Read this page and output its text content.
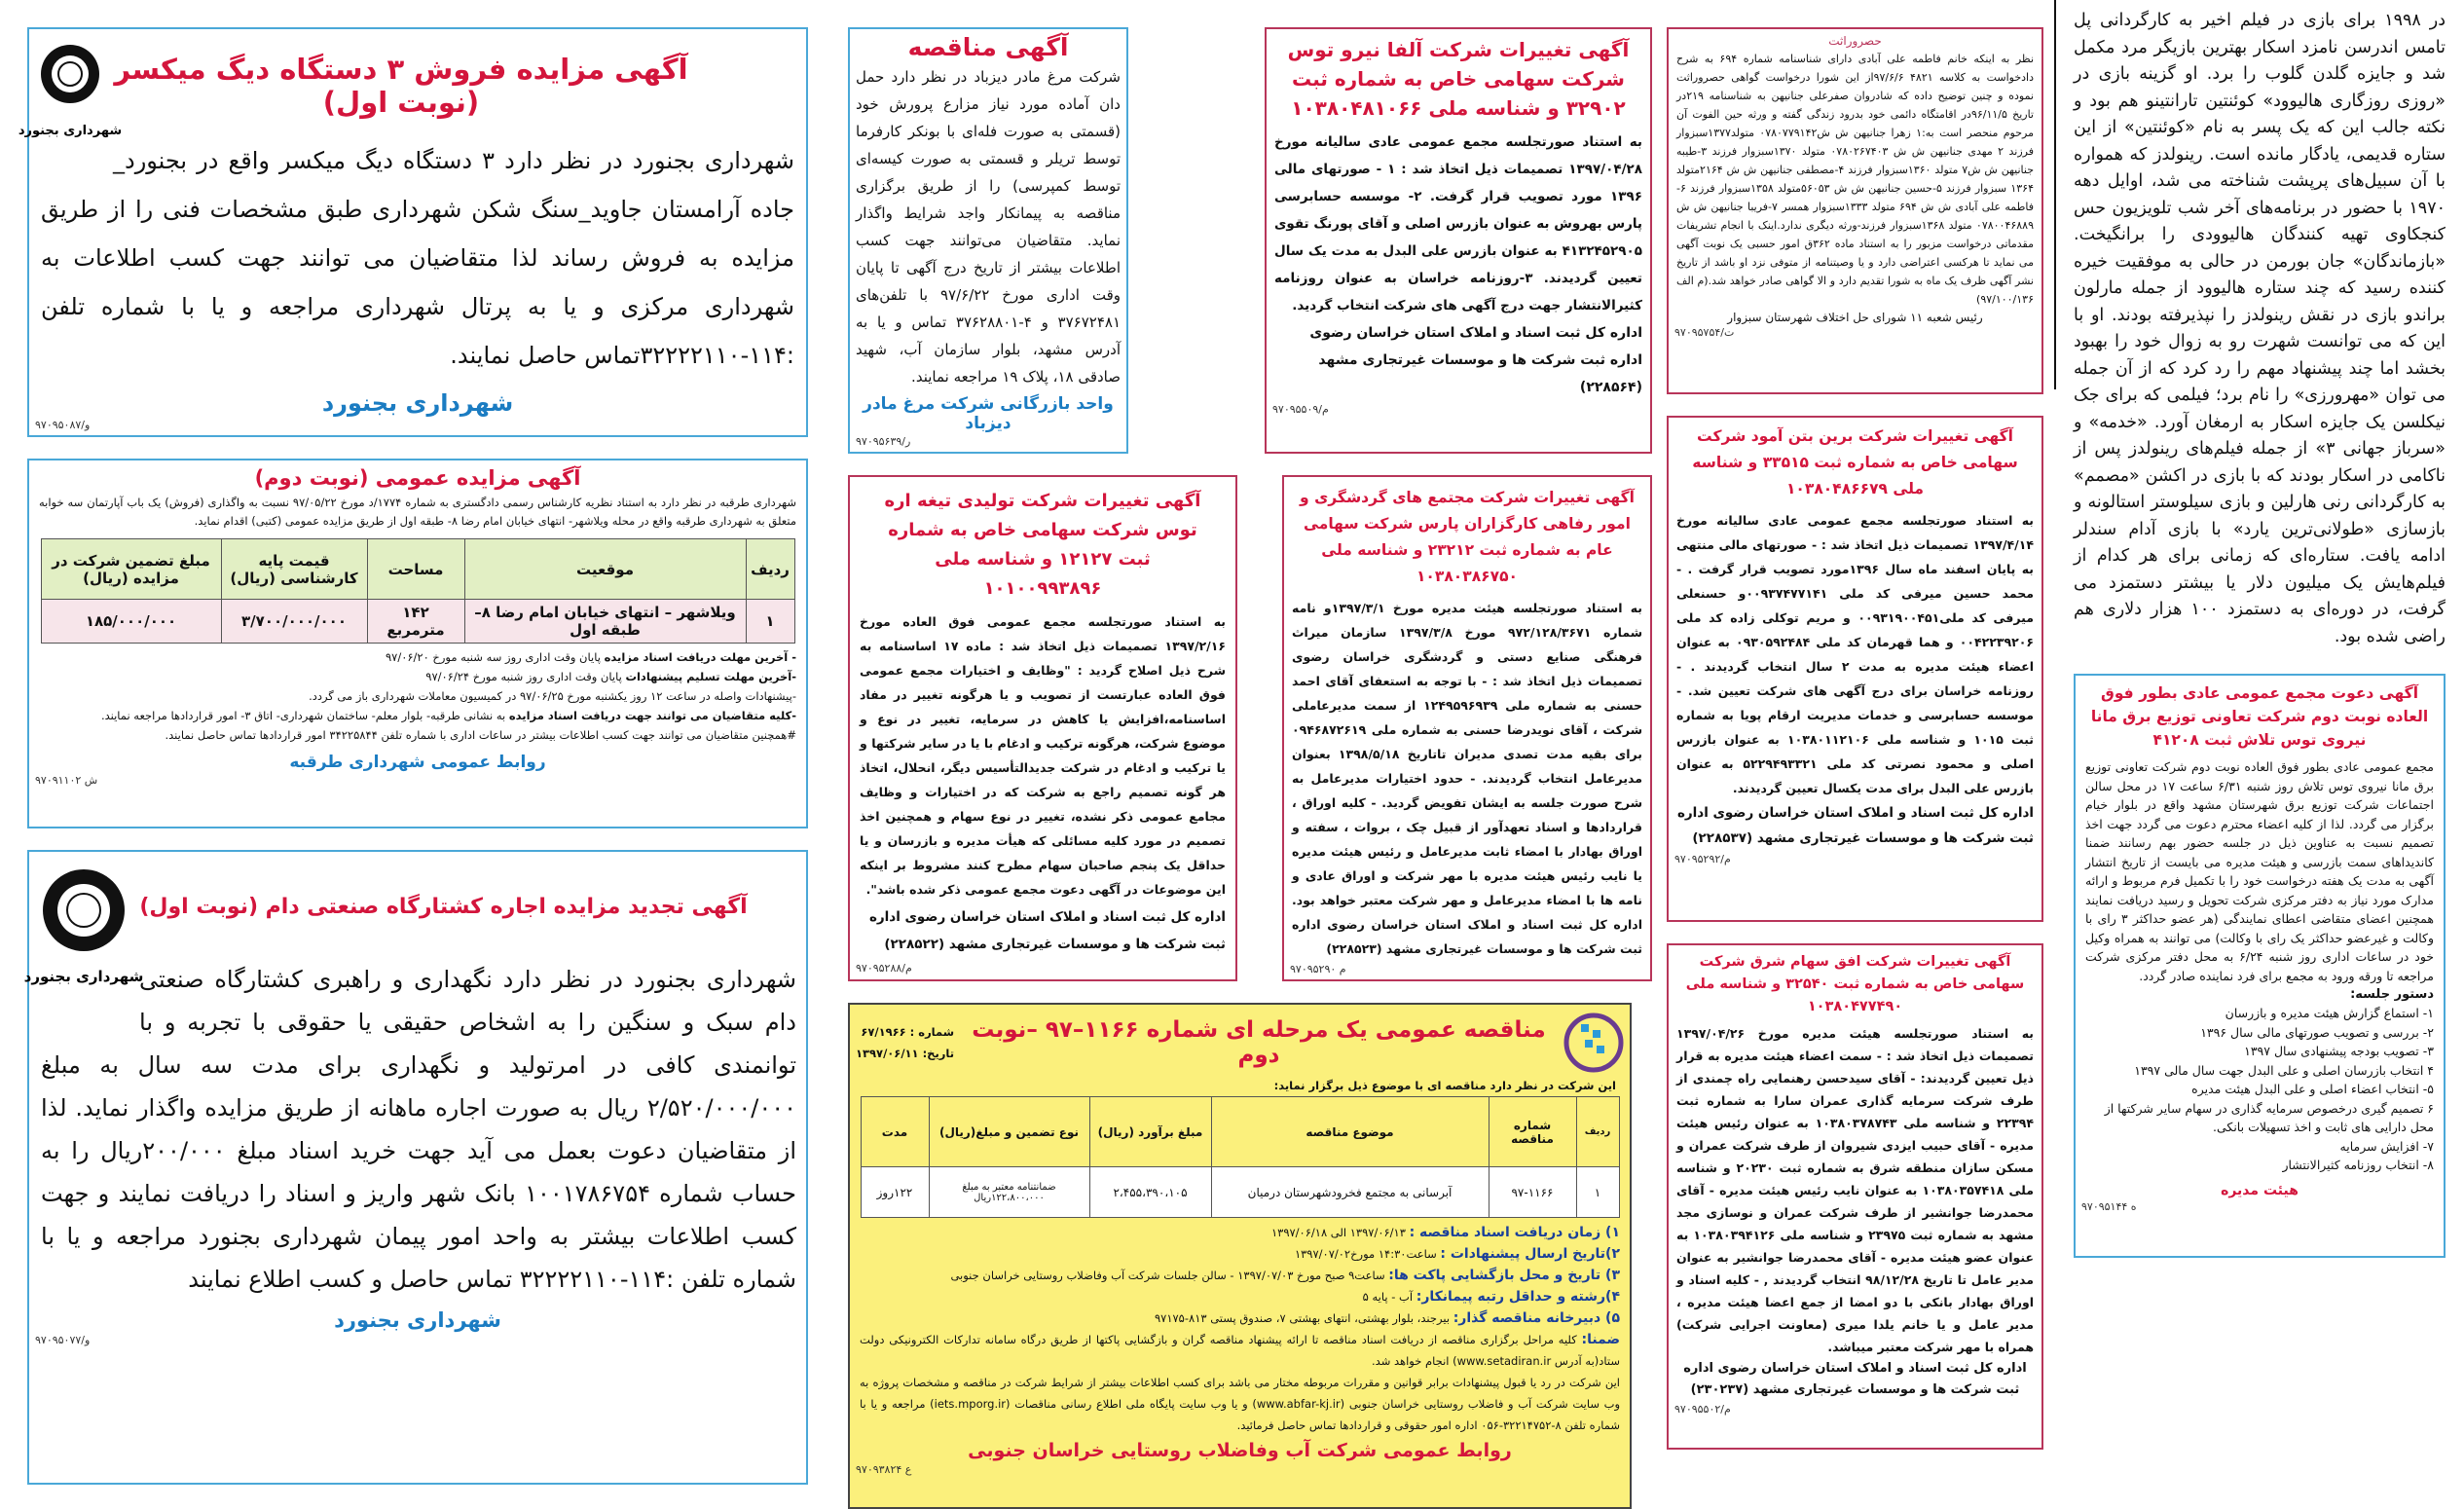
شهرداری بجنورد
آگهی مزایده فروش ۳ دستگاه دیگ میکسر (نوبت اول)
شهرداری بجنورد در نظر دارد ۳ دستگاه دیگ میکسر واقع در بجنورد_ جاده آرامستان جاوید_سنگ شکن شهرداری طبق مشخصات فنی را از طریق مزایده به فروش رساند لذا متقاضیان می توانند جهت کسب اطلاعات به شهرداری مرکزی و یا به پرتال شهرداری مراجعه و یا با شماره تلفن :۱۱۴-۳۲۲۲۲۱۱۰تماس حاصل نمایند.
شهرداری بجنورد
۹۷۰۹۵۰۸۷/و
آگهی مزایده عمومی (نوبت دوم)
شهرداری طرقبه در نظر دارد به استناد نظریه کارشناس رسمی دادگستری به شماره ۱۷۷۴/د مورخ ۹۷/۰۵/۲۲ نسبت به واگذاری (فروش) یک باب آپارتمان سه خوابه متعلق به شهرداری طرقبه واقع در محله ویلاشهر- انتهای خیابان امام رضا ۸- طبقه اول از طریق مزایده عمومی (کتبی) اقدام نماید.
ردیف	موقعیت	مساحت	قیمت پایه کارشناسی (ریال)	مبلغ تضمین شرکت در مزایده (ریال)
۱	ویلاشهر – انتهای خیابان امام رضا ۸– طبقه اول	۱۴۲ مترمربع	۳/۷۰۰/۰۰۰/۰۰۰	۱۸۵/۰۰۰/۰۰۰
- آخرین مهلت دریافت اسناد مزایده پایان وقت اداری روز سه شنبه مورخ ۹۷/۰۶/۲۰
-آخرین مهلت تسلیم پیشنهادات پایان وقت اداری روز شنبه مورخ ۹۷/۰۶/۲۴
-پیشنهادات واصله در ساعت ۱۲ روز یکشنبه مورخ ۹۷/۰۶/۲۵ در کمیسیون معاملات شهرداری باز می گردد.
-کلیه متقاضیان می توانند جهت دریافت اسناد مزایده به نشانی طرقبه- بلوار معلم- ساختمان شهرداری- اتاق ۳- امور قراردادها مراجعه نمایند.
#همچنین متقاضیان می توانند جهت کسب اطلاعات بیشتر در ساعات اداری با شماره تلفن ۳۴۲۲۵۸۴۴ امور قراردادها تماس حاصل نمایند.
روابط عمومی شهرداری طرقبه
۹۷۰۹۱۱۰۲ ش
شهرداری بجنورد
آگهی تجدید مزایده اجاره کشتارگاه صنعتی دام (نوبت اول)
شهرداری بجنورد در نظر دارد نگهداری و راهبری کشتارگاه صنعتی دام سبک و سنگین را به اشخاص حقیقی یا حقوقی با تجربه و با توانمندی کافی در امرتولید و نگهداری برای مدت سه سال به مبلغ ۲/۵۲۰/۰۰۰/۰۰۰ ریال به صورت اجاره ماهانه از طریق مزایده واگذار نماید. لذا از متقاضیان دعوت بعمل می آید جهت خرید اسناد مبلغ ۲۰۰/۰۰۰ریال را به حساب شماره ۱۰۰۱۷۸۶۷۵۴ بانک شهر واریز و اسناد را دریافت نمایند و جهت کسب اطلاعات بیشتر به واحد امور پیمان شهرداری بجنورد مراجعه و یا با شماره تلفن :۱۱۴-۳۲۲۲۲۱۱۰ تماس حاصل و کسب اطلاع نمایند
شهرداری بجنورد
۹۷۰۹۵۰۷۷/و
آگهی مناقصه
شرکت مرغ مادر دیزباد در نظر دارد حمل دان آماده مورد نیاز مزارع پرورش خود (قسمتی به صورت فله‌ای با بونکر کارفرما توسط تریلر و قسمتی به صورت کیسه‌ای توسط کمپرسی) را از طریق برگزاری مناقصه به پیمانکار واجد شرایط واگذار نماید. متقاضیان می‌توانند جهت کسب اطلاعات بیشتر از تاریخ درج آگهی تا پایان وقت اداری مورخ ۹۷/۶/۲۲ با تلفن‌های ۳۷۶۷۲۴۸۱ و ۴-۳۷۶۲۸۸۰۱ تماس و یا به آدرس مشهد، بلوار سازمان آب، شهید صادقی ۱۸، پلاک ۱۹ مراجعه نمایند.
واحد بازرگانی شرکت مرغ مادر دیزباد
۹۷۰۹۵۶۳۹/ر
آگهی تغییرات شرکت آلفا نیرو توس شرکت سهامی خاص به شماره ثبت ۳۲۹۰۲ و شناسه ملی ۱۰۳۸۰۴۸۱۰۶۶
به استناد صورتجلسه مجمع عمومی عادی سالیانه مورخ ۱۳۹۷/۰۴/۲۸ تصمیمات ذیل اتخاذ شد : ۱ - صورتهای مالی ۱۳۹۶ مورد تصویب قرار گرفت. ۲- موسسه حسابرسی پارس بهروش به عنوان بازرس اصلی و آقای پورنگ تقوی ۴۱۳۲۴۵۲۹۰۵ به عنوان بازرس علی البدل به مدت یک سال تعیین گردیدند. ۳-روزنامه خراسان به عنوان روزنامه کثیرالانتشار جهت درج آگهی های شرکت انتخاب گردید.
اداره کل ثبت اسناد و املاک استان خراسان رضوی اداره ثبت شرکت ها و موسسات غیرتجاری مشهد (۲۲۸۵۶۴)
۹۷۰۹۵۵۰۹/م
آگهی تغییرات شرکت تولیدی تیغه اره توس شرکت سهامی خاص به شماره ثبت ۱۲۱۲۷ و شناسه ملی ۱۰۱۰۰۹۹۳۸۹۶
به استناد صورتجلسه مجمع عمومی فوق العاده مورخ ۱۳۹۷/۲/۱۶ تصمیمات ذیل اتخاذ شد : ماده ۱۷ اساسنامه به شرح ذیل اصلاح گردید : "وظایف و اختیارات مجمع عمومی فوق العاده عبارتست از تصویب و یا هرگونه تغییر در مفاد اساسنامه،افزایش یا کاهش در سرمایه، تغییر در نوع و موضوع شرکت، هرگونه ترکیب و ادغام با یا در سایر شرکتها و یا ترکیب و ادغام در شرکت جدیدالتأسیس دیگر، انحلال، اتخاذ هر گونه تصمیم راجع به شرکت که در اختیارات و وظایف مجامع عمومی ذکر نشده، تغییر در نوع سهام و همچنین اخذ تصمیم در مورد کلیه مسائلی که هیأت مدیره و بازرسان و یا حداقل یک پنجم صاحبان سهام مطرح کنند مشروط بر اینکه این موضوعات در آگهی دعوت مجمع عمومی ذکر شده باشد".
اداره کل ثبت اسناد و املاک استان خراسان رضوی اداره ثبت شرکت ها و موسسات غیرتجاری مشهد (۲۲۸۵۲۲)
۹۷۰۹۵۲۸۸/م
آگهی تغییرات شرکت مجتمع های گردشگری و امور رفاهی کارگزاران پارس شرکت سهامی عام به شماره ثبت ۲۳۲۱۲ و شناسه ملی ۱۰۳۸۰۳۸۶۷۵۰
به استناد صورتجلسه هیئت مدیره مورخ ۱۳۹۷/۳/۱و نامه شماره ۹۷۲/۱۲۸/۳۶۷۱ مورخ ۱۳۹۷/۳/۸ سازمان میراث فرهنگی صنایع دستی و گردشگری خراسان رضوی تصمیمات ذیل اتخاذ شد : - با توجه به استعفای آقای احمد حسنی به شماره ملی ۱۲۴۹۵۹۶۹۳۹ از سمت مدیرعاملی شرکت ، آقای نویدرضا حسنی به شماره ملی ۰۹۴۶۸۷۲۶۱۹ برای بقیه مدت تصدی مدیران تاتاریخ ۱۳۹۸/۵/۱۸ بعنوان مدیرعامل انتخاب گردیدند. - حدود اختیارات مدیرعامل به شرح صورت جلسه به ایشان تفویض گردید. - کلیه اوراق ، قراردادها و اسناد تعهدآور از قبیل چک ، بروات ، سفته و اوراق بهادار با امضاء ثابت مدیرعامل و رئیس هیئت مدیره یا نایب رئیس هیئت مدیره با مهر شرکت و اوراق عادی و نامه ها با امضاء مدیرعامل و مهر شرکت معتبر خواهد بود. اداره کل ثبت اسناد و املاک استان خراسان رضوی اداره ثبت شرکت ها و موسسات غیرتجاری مشهد (۲۲۸۵۲۳)
۹۷۰۹۵۲۹۰ م
مناقصه عمومی یک مرحله ای شماره ۱۱۶۶–۹۷ –نوبت دوم
شماره : ۶۷/۱۹۶۶
تاریخ: ۱۳۹۷/۰۶/۱۱
این شرکت در نظر دارد مناقصه ای با موضوع ذیل برگزار نماید:
ردیف	شماره مناقصه	موضوع مناقصه	مبلغ برآورد (ریال)	نوع تضمین و مبلغ(ریال)	مدت
۱	۹۷-۱۱۶۶	آبرسانی به مجتمع فخرودشهرستان درمیان	۲،۴۵۵،۳۹۰،۱۰۵	ضمانتنامه معتبر به مبلغ ۱۲۲،۸۰۰،۰۰۰ریال	۱۲۲روز
۱) زمان دریافت اسناد مناقصه : ۱۳۹۷/۰۶/۱۳ الی ۱۳۹۷/۰۶/۱۸
۲)تاریخ ارسال پیشنهادات : ساعت۱۴:۳۰ مورخ۱۳۹۷/۰۷/۰۲
۳) تاریخ و محل بازگشایی پاکت ها: ساعت۹ صبح مورخ ۱۳۹۷/۰۷/۰۳ - سالن جلسات شرکت آب وفاضلاب روستایی خراسان جنوبی
۴)رشته و حداقل رتبه پیمانکار: آب - پایه ۵
۵) دبیرخانه مناقصه گذار: بیرجند، بلوار بهشتی، انتهای بهشتی ۷، صندوق پستی ۸۱۳-۹۷۱۷۵
ضمنا: کلیه مراحل برگزاری مناقصه از دریافت اسناد مناقصه تا ارائه پیشنهاد مناقصه گران و بازگشایی پاکتها از طریق درگاه سامانه تدارکات الکترونیکی دولت ستاد(به آدرس www.setadiran.ir) انجام خواهد شد.
این شرکت در رد یا قبول پیشنهادات برابر قوانین و مقررات مربوطه مختار می باشد برای کسب اطلاعات بیشتر از شرایط شرکت در مناقصه و مشخصات پروژه به وب سایت شرکت آب و فاضلاب روستایی خراسان جنوبی (www.abfar-kj.ir) و یا وب سایت پایگاه ملی اطلاع رسانی مناقصات (iets.mporg.ir) مراجعه و یا با شماره تلفن ۸-۳۲۲۱۴۷۵۲-۰۵۶ اداره امور حقوقی و قراردادها تماس حاصل فرمائید.
روابط عمومی شرکت آب وفاضلاب روستایی خراسان جنوبی
۹۷۰۹۳۸۲۴ ع
حصروراثت
نظر به اینکه خانم فاطمه علی آبادی دارای شناسنامه شماره ۶۹۴ به شرح دادخواست به کلاسه ۴۸۲۱ ۹۷/۶/۶از این شورا درخواست گواهی حصروراثت نموده و چنین توضیح داده که شادروان صفرعلی جنانیهن به شناسنامه ۲۱۹در تاریخ ۹۶/۱۱/۵در اقامتگاه دائمی خود بدرود زندگی گفته و ورثه حین الفوت آن مرحوم منحصر است به:۱ زهرا جنانیهن ش ش۰۷۸۰۷۷۹۱۴۲ متولد۱۳۷۷سبزوار فرزند ۲ مهدی جنانیهن ش ش ۰۷۸۰۲۶۷۴۰۳ متولد ۱۳۷۰سبزوار فرزند ۳-طیبه جنانیهن ش ش۷ متولد ۱۳۶۰سبزوار فرزند ۴-مصطفی جنانیهن ش ش ۲۱۶۴متولد ۱۳۶۴ سبزوار فرزند ۵-حسین جنانیهن ش ش ۵۶۰۵۳متولد ۱۳۵۸سبزوار فرزند ۶-فاطمه علی آبادی ش ش ۶۹۴ متولد ۱۳۳۳سبزوار همسر ۷-فریبا جنانیهن ش ش ۰۷۸۰۰۴۶۸۸۹ متولد ۱۳۶۸سبزوار فرزند-ورثه دیگری ندارد.اینک با انجام تشریفات مقدماتی درخواست مزبور را به استناد ماده ۳۶۲ق امور حسبی یک نوبت آگهی می نماید تا هرکسی اعتراضی دارد و یا وصیتنامه از متوفی نزد او باشد از تاریخ نشر آگهی ظرف یک ماه به شورا تقدیم دارد و الا گواهی صادر خواهد شد.(م الف ۹۷/۱۰۰/۱۳۶)
رئیس شعبه ۱۱ شورای حل اختلاف شهرستان سبزوار
۹۷۰۹۵۷۵۴/ت
آگهی تغییرات شرکت برین بتن آمود شرکت سهامی خاص به شماره ثبت ۳۳۵۱۵ و شناسه ملی ۱۰۳۸۰۴۸۶۶۷۹
به استناد صورتجلسه مجمع عمومی عادی سالیانه مورخ ۱۳۹۷/۴/۱۴ تصمیمات ذیل اتخاذ شد : - صورتهای مالی منتهی به پایان اسفند ماه سال ۱۳۹۶مورد تصویب قرار گرفت . - محمد حسین میرفی کد ملی ۰۰۹۳۷۴۷۷۱۴۱و حسنعلی میرفی کد ملی۰۰۹۳۱۹۰۰۴۵۱ و مریم توکلی زاده کد ملی ۰۰۴۲۲۳۹۲۰۶ و هما قهرمان کد ملی ۰۹۳۰۵۹۲۴۸۴ به عنوان اعضاء هیئت مدیره به مدت ۲ سال انتخاب گردیدند . - روزنامه خراسان برای درج آگهی های شرکت تعیین شد. - موسسه حسابرسی و خدمات مدیریت ارقام پویا به شماره ثبت ۱۰۱۵ و شناسه ملی ۱۰۳۸۰۱۱۲۱۰۶ به عنوان بازرس اصلی و محمود نصرتی کد ملی ۵۲۲۹۴۹۳۳۲۱ به عنوان بازرس علی البدل برای مدت یکسال تعیین گردیدند.
اداره کل ثبت اسناد و املاک استان خراسان رضوی اداره ثبت شرکت ها و موسسات غیرتجاری مشهد (۲۲۸۵۳۷)
۹۷۰۹۵۲۹۲/م
آگهی تغییرات شرکت افق سهام شرق شرکت سهامی خاص به شماره ثبت ۳۲۵۴۰ و شناسه ملی ۱۰۳۸۰۴۷۷۴۹۰
به استناد صورتجلسه هیئت مدیره مورخ ۱۳۹۷/۰۴/۲۶ تصمیمات ذیل اتخاذ شد : - سمت اعضاء هیئت مدیره به قرار ذیل تعیین گردیدند: - آقای سیدحسن رهنمایی راه چمندی از طرف شرکت سرمایه گذاری عمران سارا به شماره ثبت ۲۲۳۹۴ و شناسه ملی ۱۰۳۸۰۳۷۸۷۴۳ به عنوان رئیس هیئت مدیره - آقای حبیب ایزدی شیروان از طرف شرکت عمران و مسکن سازان منطقه شرق به شماره ثبت ۲۰۲۳۰ و شناسه ملی ۱۰۳۸۰۳۵۷۴۱۸ به عنوان نایب رئیس هیئت مدیره - آقای محمدرضا جوانشیر از طرف شرکت عمران و نوسازی مجد مشهد به شماره ثبت ۲۳۹۷۵ و شناسه ملی ۱۰۳۸۰۳۹۴۱۲۶ به عنوان عضو هیئت مدیره - آقای محمدرضا جوانشیر به عنوان مدیر عامل تا تاریخ ۹۸/۱۲/۲۸ انتخاب گردیدند , - کلیه اسناد و اوراق بهادار بانکی با دو امضا از جمع اعضا هیئت مدیره ، مدیر عامل و یا خانم یلدا میری (معاونت اجرایی شرکت) همراه با مهر شرکت معتبر میباشد.
اداره کل ثبت اسناد و املاک استان خراسان رضوی اداره ثبت شرکت ها و موسسات غیرتجاری مشهد (۲۳۰۲۳۷)
۹۷۰۹۵۵۰۲/م
در ۱۹۹۸ برای بازی در فیلم اخیر به کارگردانی پل تامس اندرسن نامزد اسکار بهترین بازیگر مرد مکمل شد و جایزه گلدن گلوب را برد. او گزینه بازی در «روزی روزگاری هالیوود» کوئنتین تارانتینو هم بود و نکته جالب این که یک پسر به نام «کوئنتین» از این ستاره قدیمی، یادگار مانده است. رینولدز که همواره با آن سبیل‌های پرپشت شناخته می شد، اوایل دهه ۱۹۷۰ با حضور در برنامه‌های آخر شب تلویزیون حس کنجکاوی تهیه کنندگان هالیوودی را برانگیخت. «بازماندگان» جان بورمن در حالی به موفقیت خیره کننده رسید که چند ستاره هالیوود از جمله مارلون براندو بازی در نقش رینولدز را نپذیرفته بودند. او با این که می توانست شهرت رو به زوال خود را بهبود بخشد اما چند پیشنهاد مهم را رد کرد که از آن جمله می توان «مهرورزی» را نام برد؛ فیلمی که برای جک نیکلسن یک جایزه اسکار به ارمغان آورد. «خدمه» و «سرباز جهانی ۳» از جمله فیلم‌های رینولدز پس از ناکامی در اسکار بودند که با بازی در اکشن «مصمم» به کارگردانی رنی هارلین و بازی سیلوستر استالونه و بازسازی «طولانی‌ترین یارد» با بازی آدام سندلر ادامه یافت. ستاره‌ای که زمانی برای هر کدام از فیلم‌هایش یک میلیون دلار یا بیشتر دستمزد می گرفت، در دوره‌ای به دستمزد ۱۰۰ هزار دلاری هم راضی شده بود.
آگهی دعوت مجمع عمومی عادی بطور فوق العاده نوبت دوم شرکت تعاونی توزیع برق مانا نیروی توس تلاش ثبت ۴۱۲۰۸
مجمع عمومی عادی بطور فوق العاده نوبت دوم شرکت تعاونی توزیع برق مانا نیروی توس تلاش روز شنبه ۶/۳۱ ساعت ۱۷ در محل سالن اجتماعات شرکت توزیع برق شهرستان مشهد واقع در بلوار خیام برگزار می گردد. لذا از کلیه اعضاء محترم دعوت می گردد جهت اخذ تصمیم نسبت به عناوین ذیل در جلسه حضور بهم رسانند ضمنا کاندیداهای سمت بازرسی و هیئت مدیره می بایست از تاریخ انتشار آگهی به مدت یک هفته درخواست خود را با تکمیل فرم مربوط و ارائه مدارک مورد نیاز به دفتر مرکزی شرکت تحویل و رسید دریافت نمایند همچنین اعضای متقاضی اعطای نمایندگی (هر عضو حداکثر ۳ رای با وکالت و غیرعضو حداکثر یک رای با وکالت) می توانند به همراه وکیل خود در ساعات اداری روز شنبه ۶/۲۴ به محل دفتر مرکزی شرکت مراجعه تا ورقه ورود به مجمع برای فرد نماینده صادر گردد.
دستور جلسه:
۱- استماع گزارش هیئت مدیره و بازرسان
۲- بررسی و تصویب صورتهای مالی سال ۱۳۹۶
۳- تصویب بودجه پیشنهادی سال ۱۳۹۷
۴ انتخاب بازرسان اصلی و علی البدل جهت سال مالی ۱۳۹۷
۵- انتخاب اعضاء اصلی و علی البدل هیئت مدیره
۶ تصمیم گیری درخصوص سرمایه گذاری در سهام سایر شرکتها از محل دارایی های ثابت و اخذ تسهیلات بانکی.
۷- افزایش سرمایه
۸- انتخاب روزنامه کثیرالانتشار
هیئت مدیره
۹۷۰۹۵۱۴۴ ه
